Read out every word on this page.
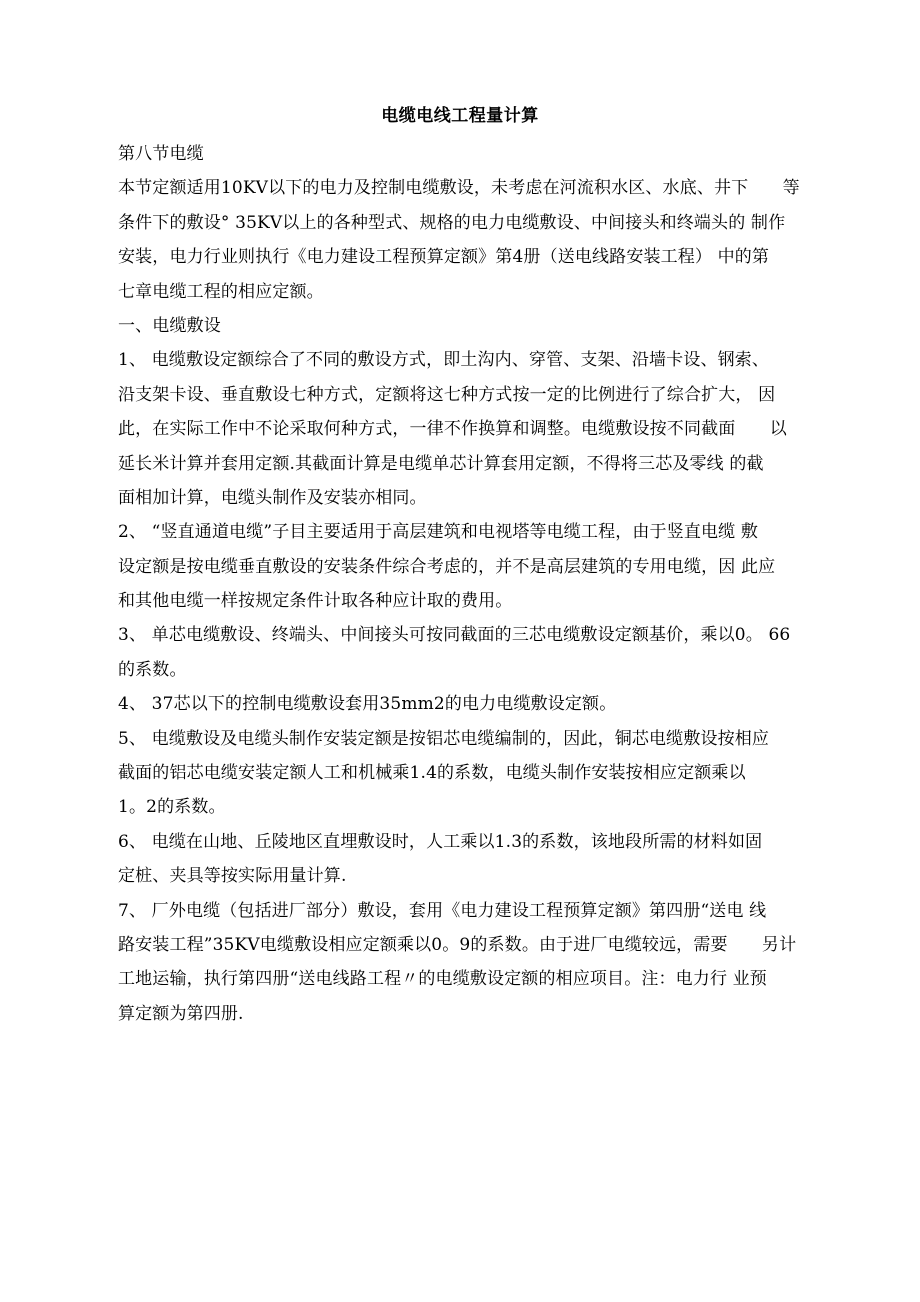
电缆电线工程量计算
第八节电缆
本节定额适用10KV以下的电力及控制电缆敷设，未考虑在河流积水区、水底、井下　　等
条件下的敷设° 35KV以上的各种型式、规格的电力电缆敷设、中间接头和终端头的 制作
安装，电力行业则执行《电力建设工程预算定额》第4册（送电线路安装工程） 中的第
七章电缆工程的相应定额。
一、电缆敷设
1、 电缆敷设定额综合了不同的敷设方式，即土沟内、穿管、支架、沿墙卡设、钢索、
沿支架卡设、垂直敷设七种方式，定额将这七种方式按一定的比例进行了综合扩大， 因
此，在实际工作中不论采取何种方式，一律不作换算和调整。电缆敷设按不同截面　　以
延长米计算并套用定额.其截面计算是电缆单芯计算套用定额，不得将三芯及零线 的截
面相加计算，电缆头制作及安装亦相同。
2、 “竖直通道电缆”子目主要适用于高层建筑和电视塔等电缆工程，由于竖直电缆 敷
设定额是按电缆垂直敷设的安装条件综合考虑的，并不是高层建筑的专用电缆，因 此应
和其他电缆一样按规定条件计取各种应计取的费用。
3、 单芯电缆敷设、终端头、中间接头可按同截面的三芯电缆敷设定额基价，乘以0。 66
的系数。
4、 37芯以下的控制电缆敷设套用35mm2的电力电缆敷设定额。
5、 电缆敷设及电缆头制作安装定额是按铝芯电缆编制的，因此，铜芯电缆敷设按相应
截面的铝芯电缆安装定额人工和机械乘1.4的系数，电缆头制作安装按相应定额乘以
1。2的系数。
6、 电缆在山地、丘陵地区直埋敷设时，人工乘以1.3的系数，该地段所需的材料如固
定桩、夹具等按实际用量计算.
7、 厂外电缆（包括进厂部分）敷设，套用《电力建设工程预算定额》第四册“送电 线
路安装工程”35KV电缆敷设相应定额乘以0。9的系数。由于进厂电缆较远，需要　　另计
工地运输，执行第四册“送电线路工程〃的电缆敷设定额的相应项目。注：电力行 业预
算定额为第四册.
